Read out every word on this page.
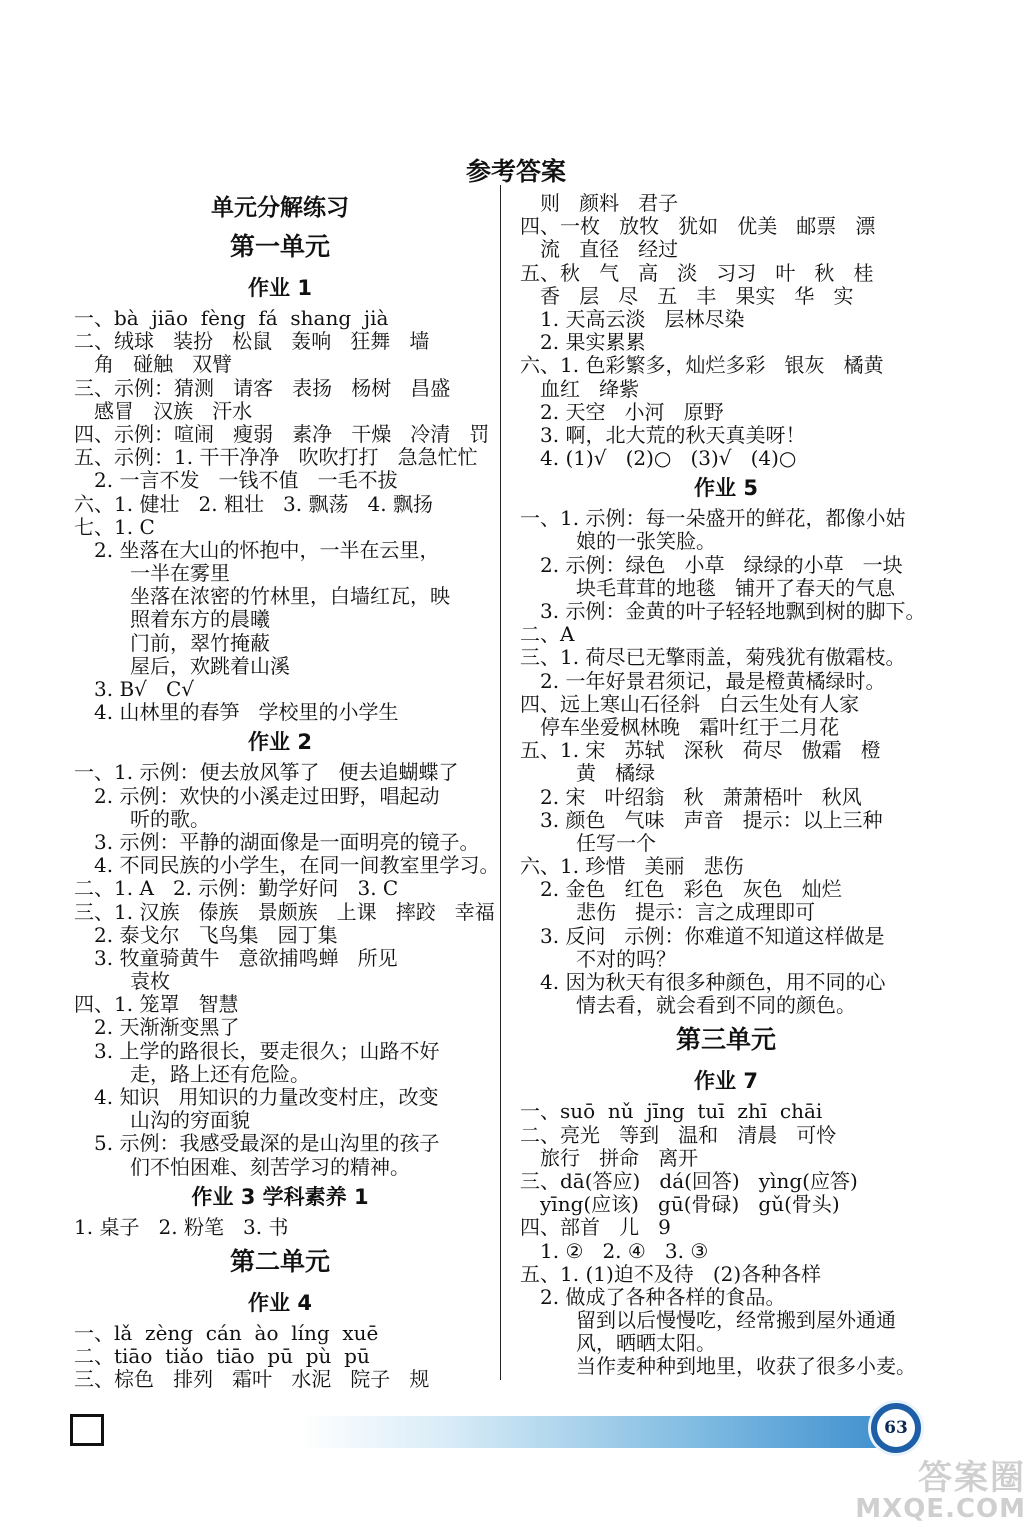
参考答案
单元分解练习
第一单元
作业 1
一、bà  jiāo  fèng  fá  shang  jià
二、绒球   装扮   松鼠   轰响   狂舞   墙
角   碰触   双臂
三、示例：猜测   请客   表扬   杨树   昌盛
感冒   汉族   汗水
四、示例：喧闹   瘦弱   素净   干燥   冷清   罚
五、示例：1. 干干净净   吹吹打打   急急忙忙
2. 一言不发   一钱不值   一毛不拔
六、1. 健壮   2. 粗壮   3. 飘荡   4. 飘扬
七、1. C
2. 坐落在大山的怀抱中，一半在云里，
一半在雾里
坐落在浓密的竹林里，白墙红瓦，映
照着东方的晨曦
门前，翠竹掩蔽
屋后，欢跳着山溪
3. B√   C√
4. 山林里的春笋   学校里的小学生
作业 2
一、1. 示例：便去放风筝了   便去追蝴蝶了
2. 示例：欢快的小溪走过田野，唱起动
听的歌。
3. 示例：平静的湖面像是一面明亮的镜子。
4. 不同民族的小学生，在同一间教室里学习。
二、1. A   2. 示例：勤学好问   3. C
三、1. 汉族   傣族   景颇族   上课   摔跤   幸福
2. 泰戈尔   飞鸟集   园丁集
3. 牧童骑黄牛   意欲捕鸣蝉   所见
袁枚
四、1. 笼罩   智慧
2. 天渐渐变黑了
3. 上学的路很长，要走很久；山路不好
走，路上还有危险。
4. 知识   用知识的力量改变村庄，改变
山沟的穷面貌
5. 示例：我感受最深的是山沟里的孩子
们不怕困难、刻苦学习的精神。
作业 3 学科素养 1
1. 桌子   2. 粉笔   3. 书
第二单元
作业 4
一、lǎ  zèng  cán  ào  líng  xuē
二、tiāo  tiǎo  tiāo  pū  pù  pū
三、棕色   排列   霜叶   水泥   院子   规
则   颜料   君子
四、一枚   放牧   犹如   优美   邮票   漂
流   直径   经过
五、秋   气   高   淡   习习   叶   秋   桂
香   层   尽   五   丰   果实   华   实
1. 天高云淡   层林尽染
2. 果实累累
六、1. 色彩繁多，灿烂多彩   银灰   橘黄
血红   绛紫
2. 天空   小河   原野
3. 啊，北大荒的秋天真美呀！
4. (1)√   (2)○   (3)√   (4)○
作业 5
一、1. 示例：每一朵盛开的鲜花，都像小姑
娘的一张笑脸。
2. 示例：绿色   小草   绿绿的小草   一块
块毛茸茸的地毯   铺开了春天的气息
3. 示例：金黄的叶子轻轻地飘到树的脚下。
二、A
三、1. 荷尽已无擎雨盖，菊残犹有傲霜枝。
2. 一年好景君须记，最是橙黄橘绿时。
四、远上寒山石径斜   白云生处有人家
停车坐爱枫林晚   霜叶红于二月花
五、1. 宋   苏轼   深秋   荷尽   傲霜   橙
黄   橘绿
2. 宋   叶绍翁   秋   萧萧梧叶   秋风
3. 颜色   气味   声音   提示：以上三种
任写一个
六、1. 珍惜   美丽   悲伤
2. 金色   红色   彩色   灰色   灿烂
悲伤   提示：言之成理即可
3. 反问   示例：你难道不知道这样做是
不对的吗？
4. 因为秋天有很多种颜色，用不同的心
情去看，就会看到不同的颜色。
第三单元
作业 7
一、suō  nǔ  jīng  tuī  zhī  chāi
二、亮光   等到   温和   清晨   可怜
旅行   拼命   离开
三、dā(答应)   dá(回答)   yìng(应答)
yīng(应该)   gū(骨碌)   gǔ(骨头)
四、部首   儿   9
1. ②   2. ④   3. ③
五、1. (1)迫不及待   (2)各种各样
2. 做成了各种各样的食品。
留到以后慢慢吃，经常搬到屋外通通
风，晒晒太阳。
当作麦种种到地里，收获了很多小麦。
63
答案圈
MXQE.COM
